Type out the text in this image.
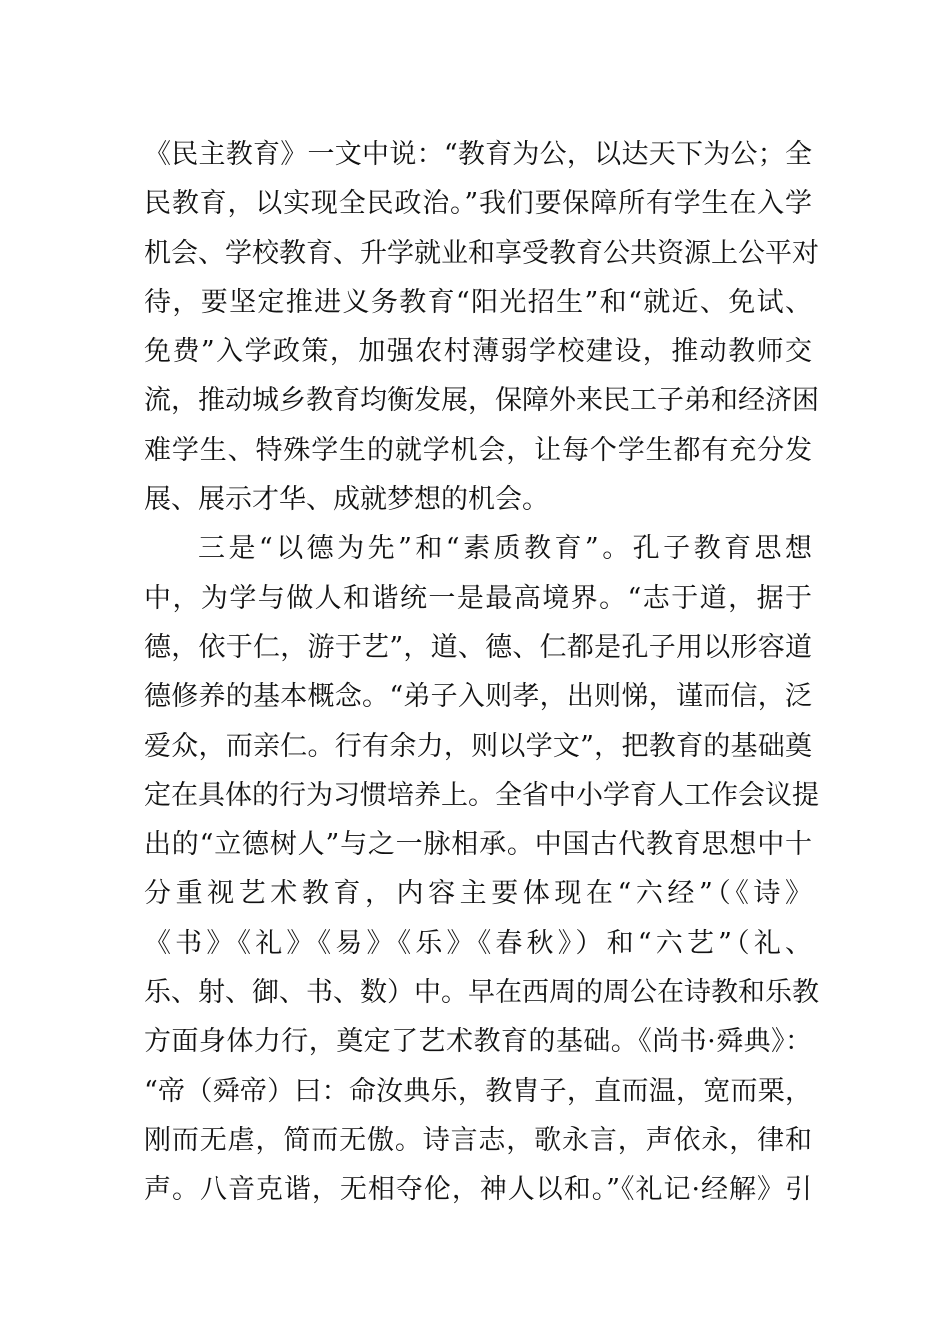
《民主教育》一文中说：“教育为公，以达天下为公；全
民教育，以实现全民政治。”我们要保障所有学生在入学
机会、学校教育、升学就业和享受教育公共资源上公平对
待，要坚定推进义务教育“阳光招生”和“就近、免试、
免费”入学政策，加强农村薄弱学校建设，推动教师交
流，推动城乡教育均衡发展，保障外来民工子弟和经济困
难学生、特殊学生的就学机会，让每个学生都有充分发
展、展示才华、成就梦想的机会。
三是“以德为先”和“素质教育”。孔子教育思想
中，为学与做人和谐统一是最高境界。“志于道，据于
德，依于仁，游于艺”，道、德、仁都是孔子用以形容道
德修养的基本概念。“弟子入则孝，出则悌，谨而信，泛
爱众，而亲仁。行有余力，则以学文”，把教育的基础奠
定在具体的行为习惯培养上。全省中小学育人工作会议提
出的“立德树人”与之一脉相承。中国古代教育思想中十
分重视艺术教育，内容主要体现在“六经”（《诗》
《书》《礼》《易》《乐》《春秋》）和“六艺”（礼、
乐、射、御、书、数）中。早在西周的周公在诗教和乐教
方面身体力行，奠定了艺术教育的基础。《尚书·舜典》：
“帝（舜帝）曰：命汝典乐，教胄子，直而温，宽而栗，
刚而无虐，简而无傲。诗言志，歌永言，声依永，律和
声。八音克谐，无相夺伦，神人以和。”《礼记·经解》引
